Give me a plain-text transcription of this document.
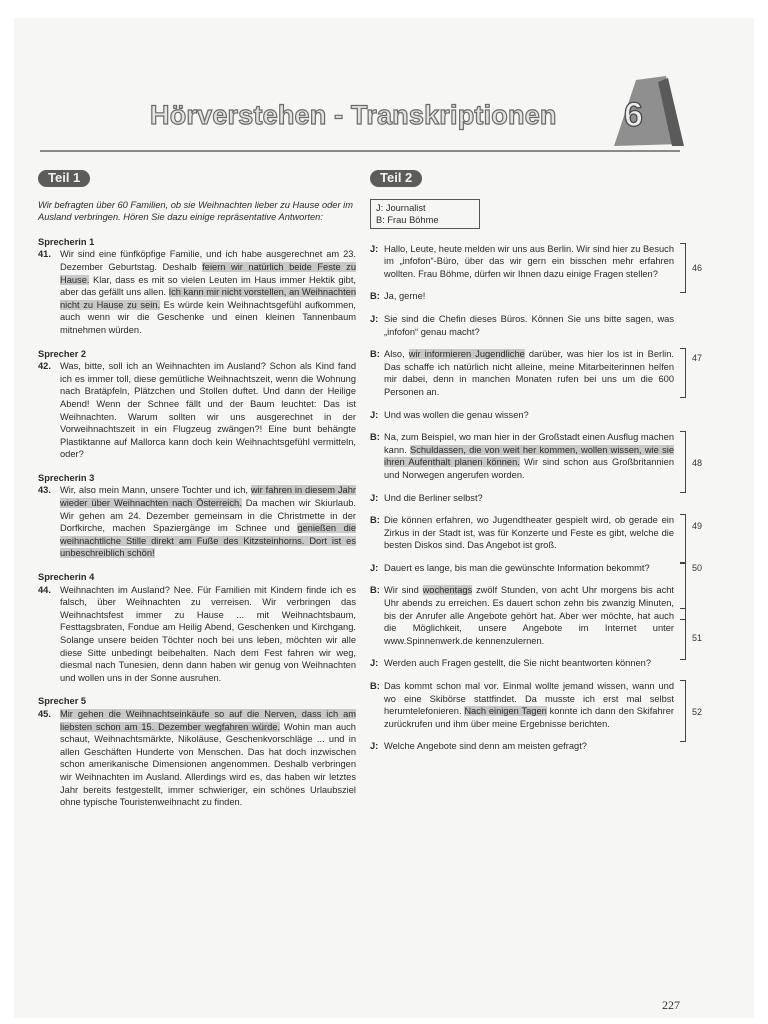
Hörverstehen - Transkriptionen	6
Teil 1
Wir befragten über 60 Familien, ob sie Weihnachten lieber zu Hause oder im Ausland verbringen. Hören Sie dazu einige repräsentative Antworten:
Sprecherin 1
41. Wir sind eine fünfköpfige Familie, und ich habe ausgerechnet am 23. Dezember Geburtstag. Deshalb feiern wir natürlich beide Feste zu Hause. Klar, dass es mit so vielen Leuten im Haus immer Hektik gibt, aber das gefällt uns allen. Ich kann mir nicht vorstellen, an Weihnachten nicht zu Hause zu sein. Es würde kein Weihnachtsgefühl aufkommen, auch wenn wir die Geschenke und einen kleinen Tannenbaum mitnehmen würden.
Sprecher 2
42. Was, bitte, soll ich an Weihnachten im Ausland? Schon als Kind fand ich es immer toll, diese gemütliche Weihnachtszeit, wenn die Wohnung nach Bratäpfeln, Plätzchen und Stollen duftet. Und dann der Heilige Abend! Wenn der Schnee fällt und der Baum leuchtet: Das ist Weihnachten. Warum sollten wir uns ausgerechnet in der Vorweihnachtszeit in ein Flugzeug zwängen?! Eine bunt behängte Plastiktanne auf Mallorca kann doch kein Weihnachtsgefühl vermitteln, oder?
Sprecherin 3
43. Wir, also mein Mann, unsere Tochter und ich, wir fahren in diesem Jahr wieder über Weihnachten nach Österreich. Da machen wir Skiurlaub. Wir gehen am 24. Dezember gemeinsam in die Christmette in der Dorfkirche, machen Spaziergänge im Schnee und genießen die weihnachtliche Stille direkt am Fuße des Kitzsteinhorns. Dort ist es unbeschreiblich schön!
Sprecherin 4
44. Weihnachten im Ausland? Nee. Für Familien mit Kindern finde ich es falsch, über Weihnachten zu verreisen. Wir verbringen das Weihnachtsfest immer zu Hause ... mit Weihnachtsbaum, Festtagsbraten, Fondue am Heilig Abend, Geschenken und Kirchgang. Solange unsere beiden Töchter noch bei uns leben, möchten wir alle diese Sitte unbedingt beibehalten. Nach dem Fest fahren wir weg, diesmal nach Tunesien, denn dann haben wir genug von Weihnachten und wollen uns in der Sonne ausruhen.
Sprecher 5
45. Mir gehen die Weihnachtseinkäufe so auf die Nerven, dass ich am liebsten schon am 15. Dezember wegfahren würde. Wohin man auch schaut, Weihnachtsmärkte, Nikoläuse, Geschenkvorschläge ... und in allen Geschäften Hunderte von Menschen. Das hat doch inzwischen schon amerikanische Dimensionen angenommen. Deshalb verbringen wir Weihnachten im Ausland. Allerdings wird es, das haben wir letztes Jahr bereits festgestellt, immer schwieriger, ein schönes Urlaubsziel ohne typische Touristenweihnacht zu finden.
Teil 2
J: Journalist
B: Frau Böhme
J: Hallo, Leute, heute melden wir uns aus Berlin. Wir sind hier zu Besuch im „infofon“-Büro, über das wir gern ein bisschen mehr erfahren wollten. Frau Böhme, dürfen wir Ihnen dazu einige Fragen stellen?
46
B: Ja, gerne!
J: Sie sind die Chefin dieses Büros. Können Sie uns bitte sagen, was „infofon“ genau macht?
B: Also, wir informieren Jugendliche darüber, was hier los ist in Berlin. Das schaffe ich natürlich nicht alleine, meine Mitarbeiterinnen helfen mir dabei, denn in manchen Monaten rufen bei uns um die 600 Personen an.
47
J: Und was wollen die genau wissen?
B: Na, zum Beispiel, wo man hier in der Großstadt einen Ausflug machen kann. Schuldassen, die von weit her kommen, wollen wissen, wie sie ihren Aufenthalt planen können. Wir sind schon aus Großbritannien und Norwegen angerufen worden.
48
J: Und die Berliner selbst?
B: Die können erfahren, wo Jugendtheater gespielt wird, ob gerade ein Zirkus in der Stadt ist, was für Konzerte und Feste es gibt, welche die besten Diskos sind. Das Angebot ist groß.
49
J: Dauert es lange, bis man die gewünschte Information bekommt?
B: Wir sind wochentags zwölf Stunden, von acht Uhr morgens bis acht Uhr abends zu erreichen. Es dauert schon zehn bis zwanzig Minuten, bis der Anrufer alle Angebote gehört hat. Aber wer möchte, hat auch die Möglichkeit, unsere Angebote im Internet unter www.Spinnenwerk.de kennenzulernen.
50
51
J: Werden auch Fragen gestellt, die Sie nicht beantworten können?
B: Das kommt schon mal vor. Einmal wollte jemand wissen, wann und wo eine Skibörse stattfindet. Da musste ich erst mal selbst herumtelefonieren. Nach einigen Tagen konnte ich dann den Skifahrer zurückrufen und ihm über meine Ergebnisse berichten.
52
J: Welche Angebote sind denn am meisten gefragt?
227
